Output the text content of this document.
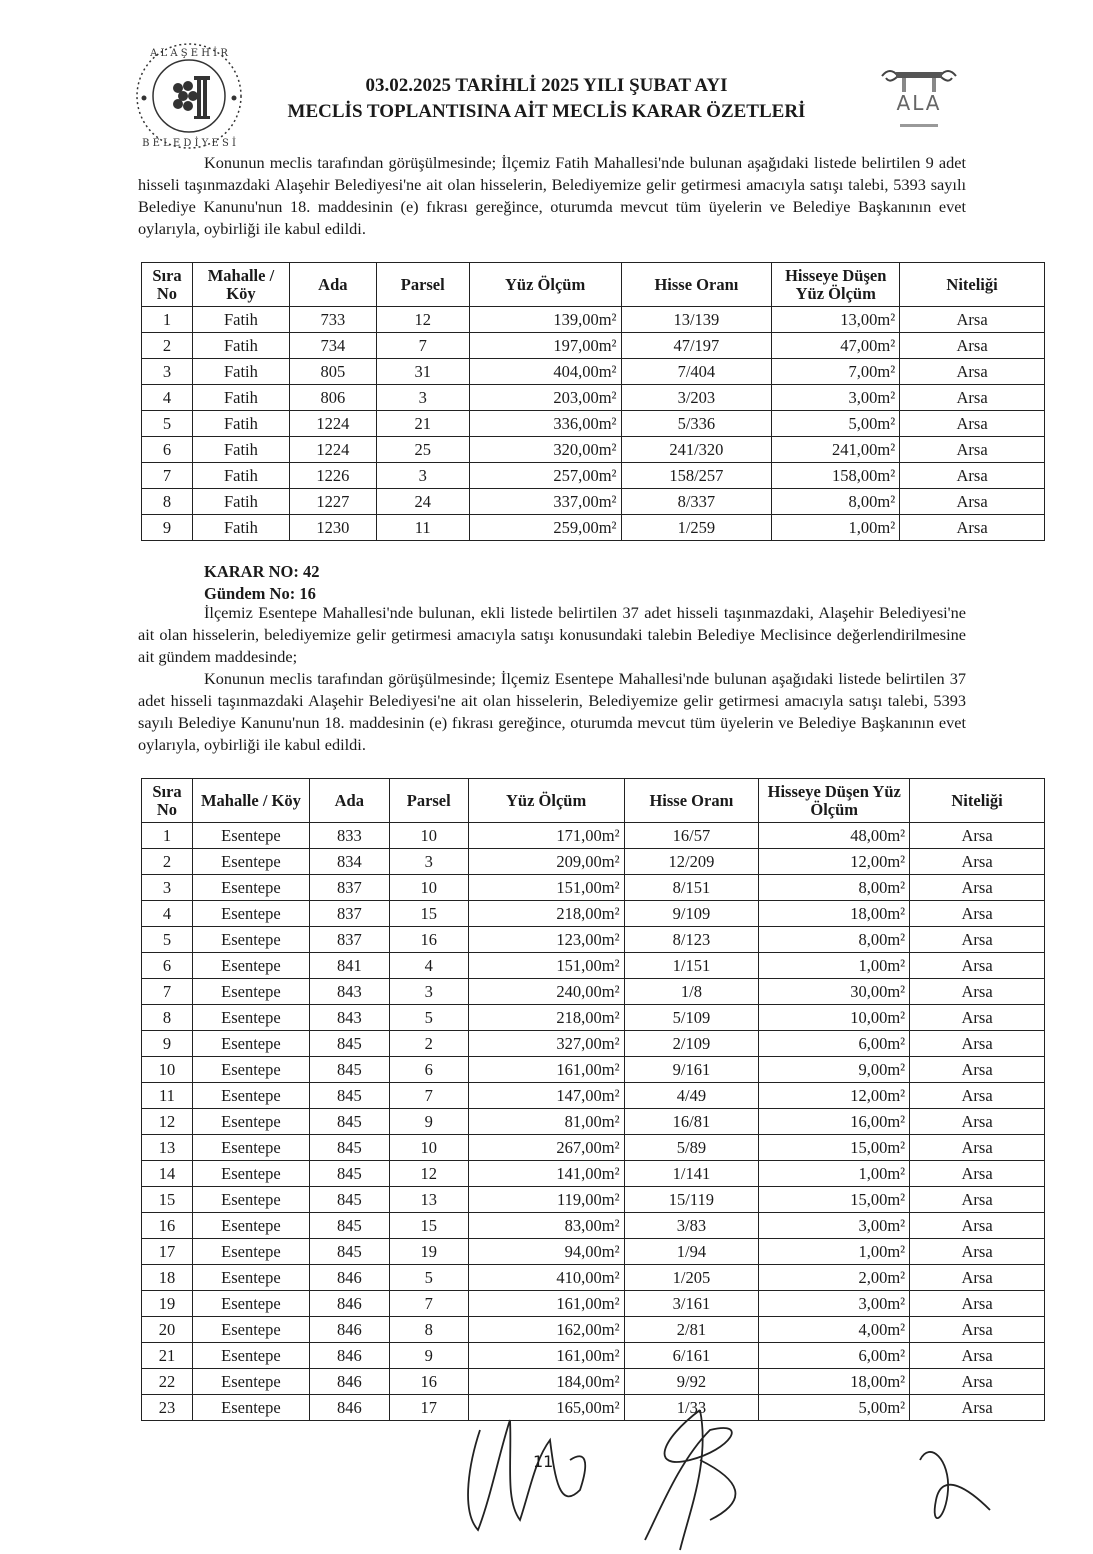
A L A Ş E H İ R
B E L E D İ Y E S İ
ALA
03.02.2025 TARİHLİ 2025 YILI ŞUBAT AYI
MECLİS TOPLANTISINA AİT MECLİS KARAR ÖZETLERİ

Konunun meclis tarafından görüşülmesinde; İlçemiz Fatih Mahallesi'nde bulunan aşağıdaki listede belirtilen 9 adet hisseli taşınmazdaki Alaşehir Belediyesi'ne ait olan hisselerin, Belediyemize gelir getirmesi amacıyla satışı talebi, 5393 sayılı Belediye Kanunu'nun 18. maddesinin (e) fıkrası gereğince, oturumda mevcut tüm üyelerin ve Belediye Başkanının evet oylarıyla, oybirliği ile kabul edildi.

Sıra No	Mahalle / Köy	Ada	Parsel	Yüz Ölçüm	Hisse Oranı	Hisseye Düşen Yüz Ölçüm	Niteliği
1	Fatih	733	12	139,00m²	13/139	13,00m²	Arsa
2	Fatih	734	7	197,00m²	47/197	47,00m²	Arsa
3	Fatih	805	31	404,00m²	7/404	7,00m²	Arsa
4	Fatih	806	3	203,00m²	3/203	3,00m²	Arsa
5	Fatih	1224	21	336,00m²	5/336	5,00m²	Arsa
6	Fatih	1224	25	320,00m²	241/320	241,00m²	Arsa
7	Fatih	1226	3	257,00m²	158/257	158,00m²	Arsa
8	Fatih	1227	24	337,00m²	8/337	8,00m²	Arsa
9	Fatih	1230	11	259,00m²	1/259	1,00m²	Arsa
KARAR NO: 42
Gündem No: 16

İlçemiz Esentepe Mahallesi'nde bulunan, ekli listede belirtilen 37 adet hisseli taşınmazdaki, Alaşehir Belediyesi'ne ait olan hisselerin, belediyemize gelir getirmesi amacıyla satışı konusundaki talebin Belediye Meclisince değerlendirilmesine ait gündem maddesinde;

Konunun meclis tarafından görüşülmesinde; İlçemiz Esentepe Mahallesi'nde bulunan aşağıdaki listede belirtilen 37 adet hisseli taşınmazdaki Alaşehir Belediyesi'ne ait olan hisselerin, Belediyemize gelir getirmesi amacıyla satışı talebi, 5393 sayılı Belediye Kanunu'nun 18. maddesinin (e) fıkrası gereğince, oturumda mevcut tüm üyelerin ve Belediye Başkanının evet oylarıyla, oybirliği ile kabul edildi.

Sıra No	Mahalle / Köy	Ada	Parsel	Yüz Ölçüm	Hisse Oranı	Hisseye Düşen Yüz Ölçüm	Niteliği
1	Esentepe	833	10	171,00m²	16/57	48,00m²	Arsa
2	Esentepe	834	3	209,00m²	12/209	12,00m²	Arsa
3	Esentepe	837	10	151,00m²	8/151	8,00m²	Arsa
4	Esentepe	837	15	218,00m²	9/109	18,00m²	Arsa
5	Esentepe	837	16	123,00m²	8/123	8,00m²	Arsa
6	Esentepe	841	4	151,00m²	1/151	1,00m²	Arsa
7	Esentepe	843	3	240,00m²	1/8	30,00m²	Arsa
8	Esentepe	843	5	218,00m²	5/109	10,00m²	Arsa
9	Esentepe	845	2	327,00m²	2/109	6,00m²	Arsa
10	Esentepe	845	6	161,00m²	9/161	9,00m²	Arsa
11	Esentepe	845	7	147,00m²	4/49	12,00m²	Arsa
12	Esentepe	845	9	81,00m²	16/81	16,00m²	Arsa
13	Esentepe	845	10	267,00m²	5/89	15,00m²	Arsa
14	Esentepe	845	12	141,00m²	1/141	1,00m²	Arsa
15	Esentepe	845	13	119,00m²	15/119	15,00m²	Arsa
16	Esentepe	845	15	83,00m²	3/83	3,00m²	Arsa
17	Esentepe	845	19	94,00m²	1/94	1,00m²	Arsa
18	Esentepe	846	5	410,00m²	1/205	2,00m²	Arsa
19	Esentepe	846	7	161,00m²	3/161	3,00m²	Arsa
20	Esentepe	846	8	162,00m²	2/81	4,00m²	Arsa
21	Esentepe	846	9	161,00m²	6/161	6,00m²	Arsa
22	Esentepe	846	16	184,00m²	9/92	18,00m²	Arsa
23	Esentepe	846	17	165,00m²	1/33	5,00m²	Arsa
11
